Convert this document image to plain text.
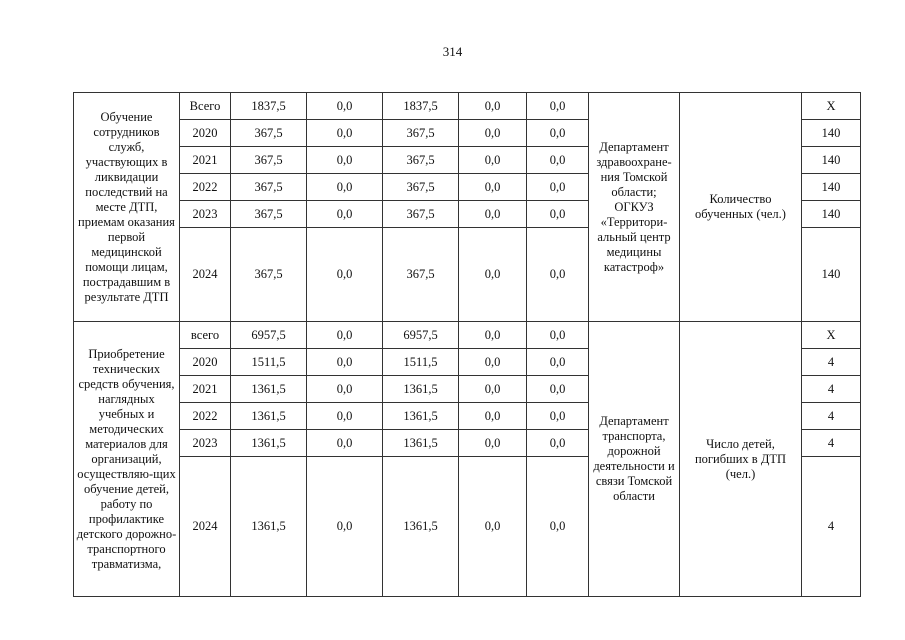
314
Обучение сотрудников служб, участвующих в ликвидации последствий на месте ДТП, приемам оказания первой медицинской помощи лицам, пострадавшим в результате ДТП	Всего	1837,5	0,0	1837,5	0,0	0,0	Департамент здравоохране-ния Томской области; ОГКУЗ «Территори-альный центр медицины катастроф»	Количество обученных (чел.)	X
	2020	367,5	0,0	367,5	0,0	0,0			140
	2021	367,5	0,0	367,5	0,0	0,0			140
	2022	367,5	0,0	367,5	0,0	0,0			140
	2023	367,5	0,0	367,5	0,0	0,0			140
	2024	367,5	0,0	367,5	0,0	0,0			140
Приобретение технических средств обучения, наглядных учебных и методических материалов для организаций, осуществляю-щих обучение детей, работу по профилактике детского дорожно-транспортного травматизма,	всего	6957,5	0,0	6957,5	0,0	0,0	Департамент транспорта, дорожной деятельности и связи Томской области	Число детей, погибших в ДТП (чел.)	X
	2020	1511,5	0,0	1511,5	0,0	0,0			4
	2021	1361,5	0,0	1361,5	0,0	0,0			4
	2022	1361,5	0,0	1361,5	0,0	0,0			4
	2023	1361,5	0,0	1361,5	0,0	0,0			4
	2024	1361,5	0,0	1361,5	0,0	0,0			4
